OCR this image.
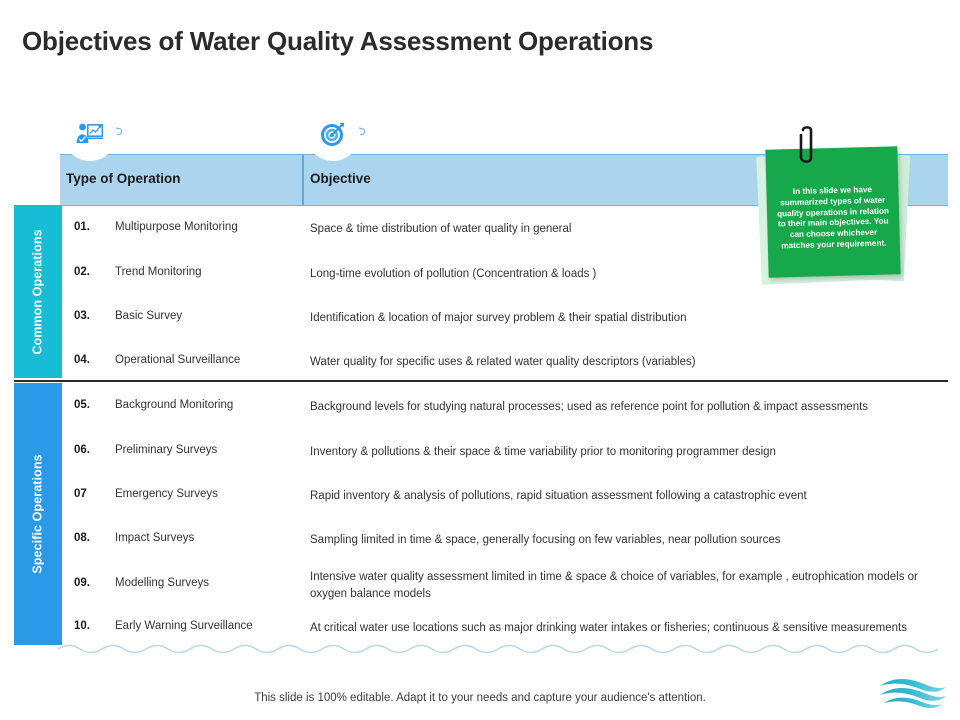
Objectives of Water Quality Assessment Operations
Type of Operation	Objective
Common Operations
Specific Operations
01. Multipurpose Monitoring	Space & time distribution of water quality in general
02. Trend Monitoring	Long-time evolution of pollution (Concentration & loads )
03. Basic Survey	Identification & location of major survey problem & their spatial distribution
04. Operational Surveillance	Water quality for specific uses & related water quality descriptors (variables)
05. Background Monitoring	Background levels for studying natural processes; used as reference point for pollution & impact assessments
06. Preliminary Surveys	Inventory & pollutions & their space & time variability prior to monitoring programmer design
07 Emergency Surveys	Rapid inventory & analysis of pollutions, rapid situation assessment following a catastrophic event
08. Impact Surveys	Sampling limited in time & space, generally focusing on few variables, near pollution sources
09. Modelling Surveys	Intensive water quality assessment limited in time & space & choice of variables, for example , eutrophication models or oxygen balance models
10. Early Warning Surveillance	At critical water use locations such as major drinking water intakes or fisheries; continuous & sensitive measurements
In this slide we have summarized types of water quality operations in relation to their main objectives. You can choose whichever matches your requirement.
This slide is 100% editable. Adapt it to your needs and capture your audience's attention.
